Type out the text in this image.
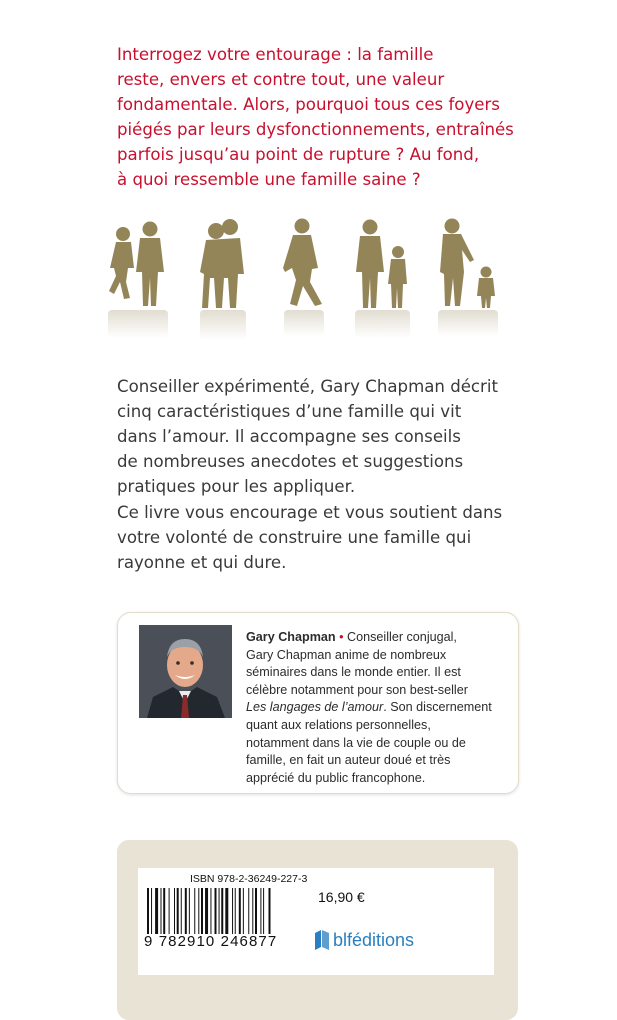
Interrogez votre entourage : la famille
reste, envers et contre tout, une valeur
fondamentale. Alors, pourquoi tous ces foyers
piégés par leurs dysfonctionnements, entraînés
parfois jusqu’au point de rupture ? Au fond,
à quoi ressemble une famille saine ?

Conseiller expérimenté, Gary Chapman décrit
cinq caractéristiques d’une famille qui vit
dans l’amour. Il accompagne ses conseils
de nombreuses anecdotes et suggestions
pratiques pour les appliquer.

Ce livre vous encourage et vous soutient dans
votre volonté de construire une famille qui
rayonne et qui dure.

Gary Chapman • Conseiller conjugal,
Gary Chapman anime de nombreux
séminaires dans le monde entier. Il est
célèbre notamment pour son best-seller
Les langages de l’amour. Son discernement
quant aux relations personnelles,
notamment dans la vie de couple ou de
famille, en fait un auteur doué et très
apprécié du public francophone.
ISBN 978-2-36249-227-3
9 782910 246877
16,90 €
blféditions
